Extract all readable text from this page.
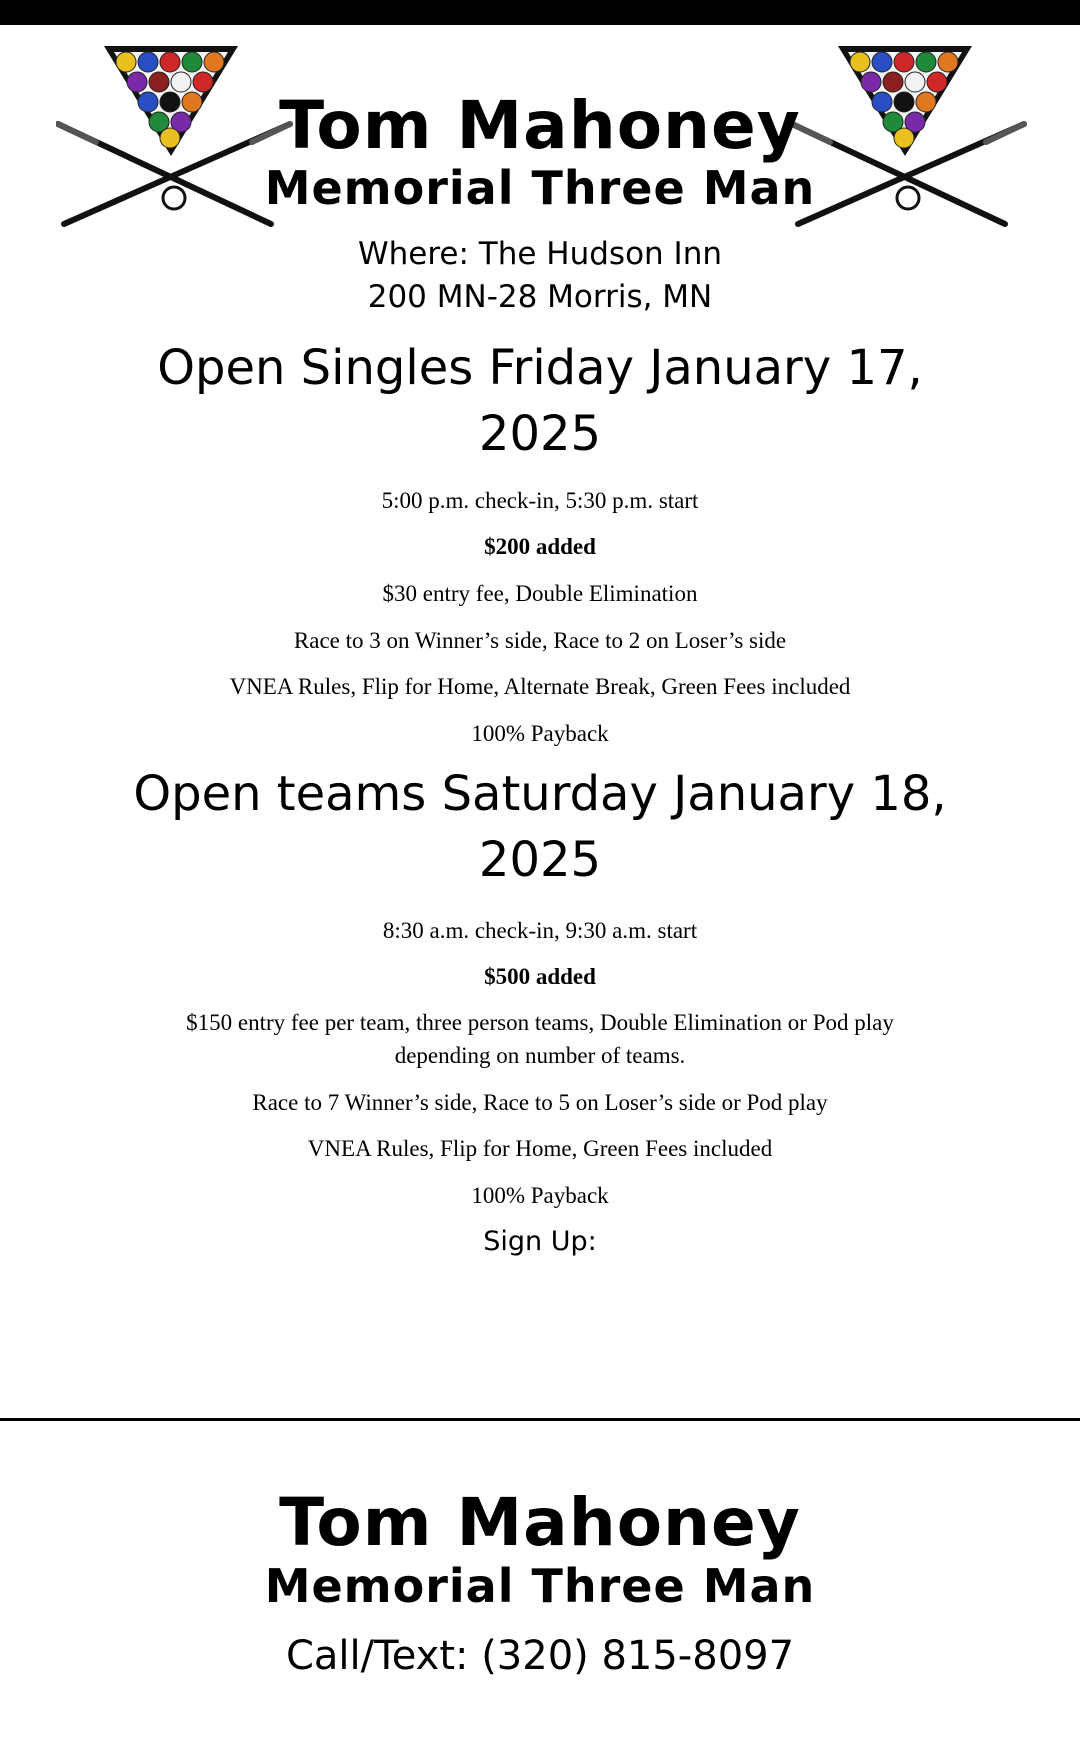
Tom Mahoney
Memorial Three Man
Where: The Hudson Inn
200 MN-28 Morris, MN
Open Singles Friday January 17, 2025
5:00 p.m. check-in, 5:30 p.m. start
$200 added
$30 entry fee, Double Elimination
Race to 3 on Winner’s side, Race to 2 on Loser’s side
VNEA Rules, Flip for Home, Alternate Break, Green Fees included
100% Payback
Open teams Saturday January 18, 2025
8:30 a.m. check-in, 9:30 a.m. start
$500 added
$150 entry fee per team, three person teams, Double Elimination or Pod play depending on number of teams.
Race to 7 Winner’s side, Race to 5 on Loser’s side or Pod play
VNEA Rules, Flip for Home, Green Fees included
100% Payback
Sign Up:
Tom Mahoney
Memorial Three Man
Call/Text: (320) 815-8097
